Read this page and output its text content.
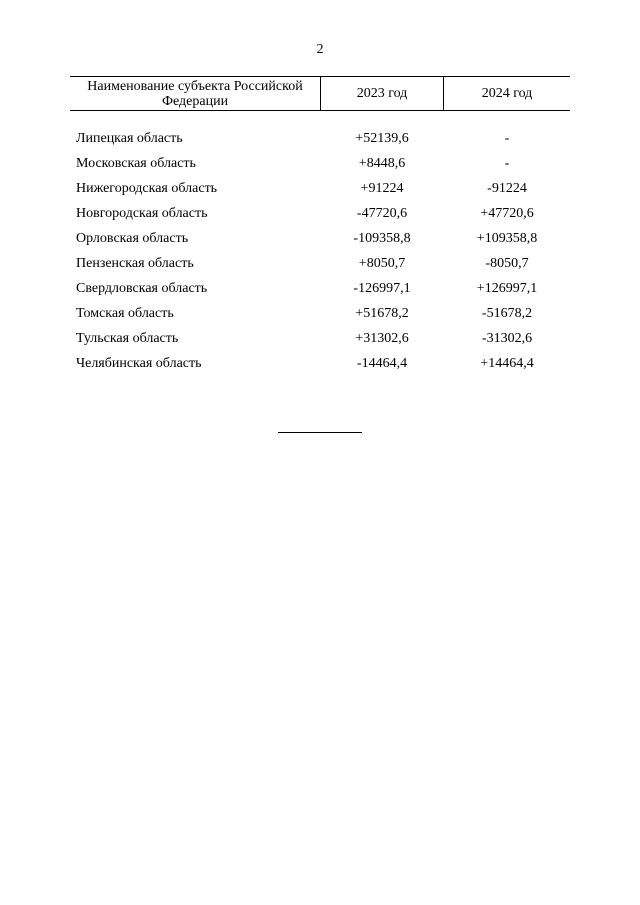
2
Наименование субъекта Российской Федерации	2023 год	2024 год
Липецкая область	+52139,6	-
Московская область	+8448,6	-
Нижегородская область	+91224	-91224
Новгородская область	-47720,6	+47720,6
Орловская область	-109358,8	+109358,8
Пензенская область	+8050,7	-8050,7
Свердловская область	-126997,1	+126997,1
Томская область	+51678,2	-51678,2
Тульская область	+31302,6	-31302,6
Челябинская область	-14464,4	+14464,4
